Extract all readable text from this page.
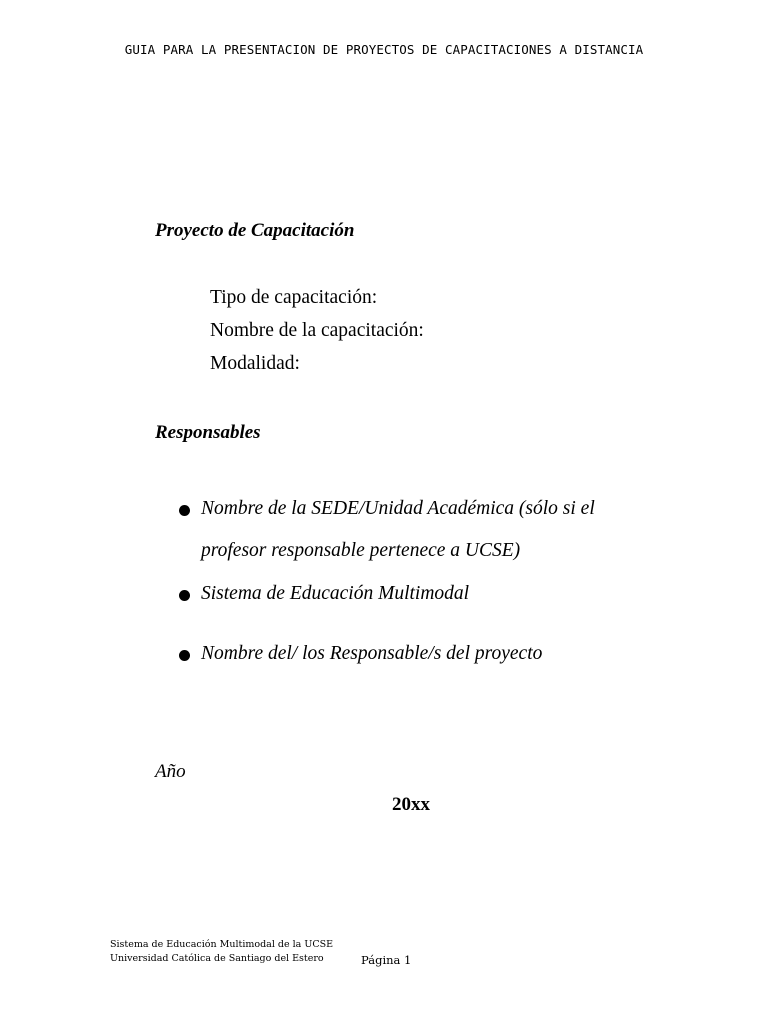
GUIA PARA LA PRESENTACION DE PROYECTOS DE CAPACITACIONES A DISTANCIA
Proyecto de Capacitación
Tipo de capacitación:
Nombre de la capacitación:
Modalidad:
Responsables
Nombre de la SEDE/Unidad Académica (sólo si el
profesor responsable pertenece a UCSE)
Sistema de Educación Multimodal
Nombre del/ los Responsable/s del proyecto
Año
20xx
Sistema de Educación Multimodal de la UCSE
Universidad Católica de Santiago del Estero	Página 1
